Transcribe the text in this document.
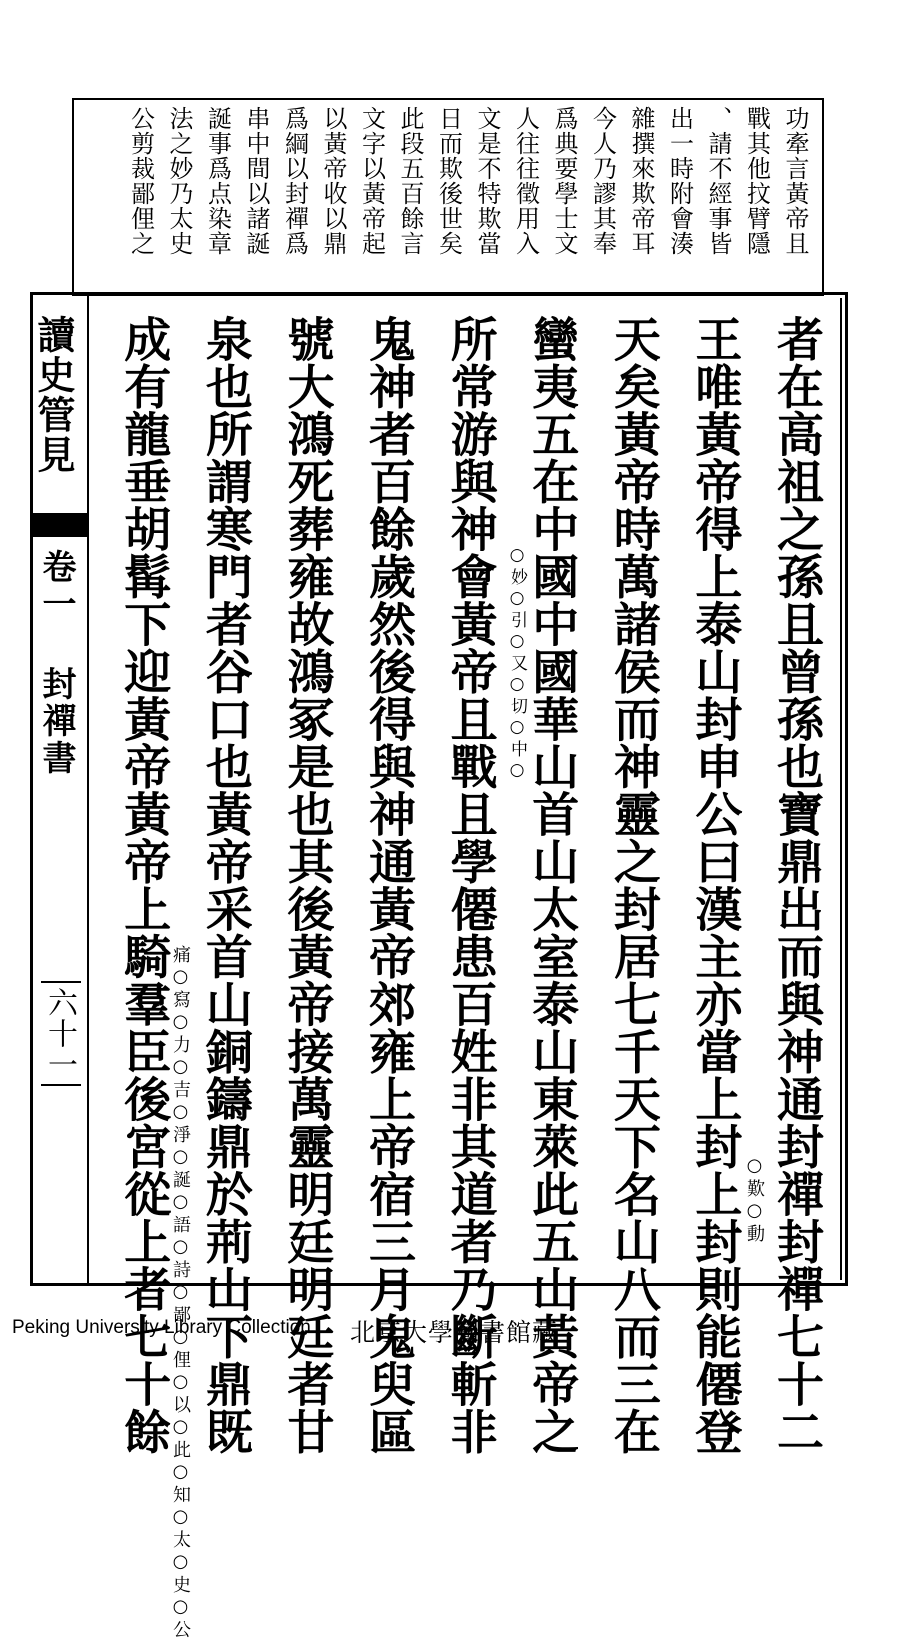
功牽言黃帝且
戰其他抆臂隱
、請不經事皆
出一時附會湊
雜撰來欺帝耳
今人乃謬其奉
爲典要學士文
人往往徵用入
文是不特欺當
日而欺後世矣
此段五百餘言
文字以黃帝起
以黃帝收以鼎
爲綱以封禪爲
串中間以諸誕
誕事爲点染章
法之妙乃太史
公剪裁鄙俚之
讀史管見
卷一 封禪書
六十一	者在高祖之孫且曾孫也寶鼎出而與神通封禪封禪七十二
王唯黃帝得上泰山封申公曰漢主亦當上封上封則能僊登
天矣黃帝時萬諸侯而神靈之封居七千天下名山八而三在
蠻夷五在中國中國華山首山太室泰山東萊此五山黃帝之
所常游與神會黃帝且戰且學僊患百姓非其道者乃斷斬非
鬼神者百餘歲然後得與神通黃帝郊雍上帝宿三月鬼臾區
號大鴻死葬雍故鴻冢是也其後黃帝接萬靈明廷明廷者甘
泉也所謂寒門者谷口也黃帝采首山銅鑄鼎於荊山下鼎既
成有龍垂胡髯下迎黃帝黃帝上騎羣臣後宮從上者七十餘
痛○寫○力○吉○淨○誕○語○詩○鄙○俚○以○此○知○太○史○公
○妙○引○又○切○中○
○歎○動
Peking University Library Collection 北京大學圖書館藏
